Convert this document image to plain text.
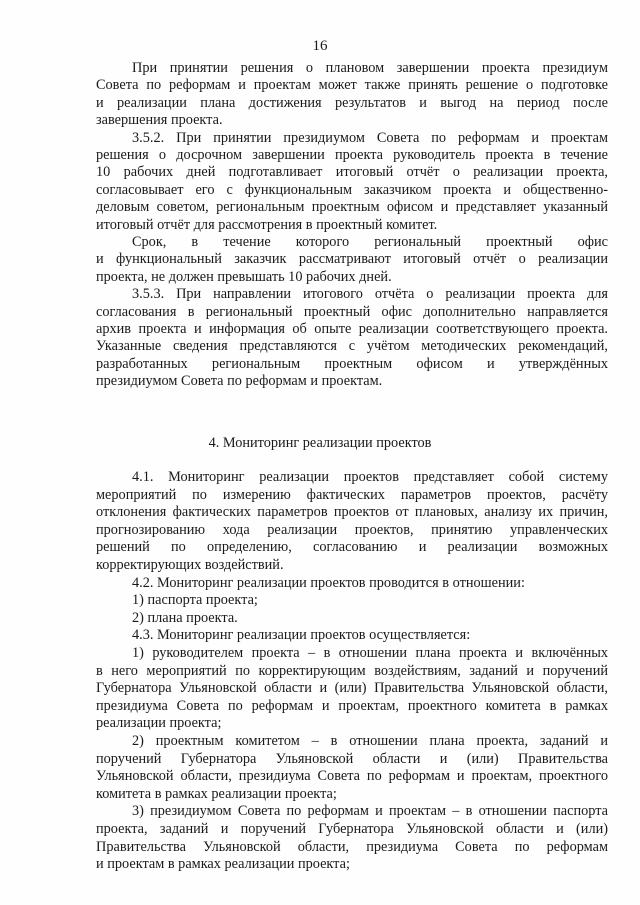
16
При принятии решения о плановом завершении проекта президиум
Совета по реформам и проектам может также принять решение о подготовке
и реализации плана достижения результатов и выгод на период после
завершения проекта.
3.5.2. При принятии президиумом Совета по реформам и проектам
решения о досрочном завершении проекта руководитель проекта в течение
10 рабочих дней подготавливает итоговый отчёт о реализации проекта,
согласовывает его с функциональным заказчиком проекта и общественно-
деловым советом, региональным проектным офисом и представляет указанный
итоговый отчёт для рассмотрения в проектный комитет.
Срок, в течение которого региональный проектный офис
и функциональный заказчик рассматривают итоговый отчёт о реализации
проекта, не должен превышать 10 рабочих дней.
3.5.3. При направлении итогового отчёта о реализации проекта для
согласования в региональный проектный офис дополнительно направляется
архив проекта и информация об опыте реализации соответствующего проекта.
Указанные сведения представляются с учётом методических рекомендаций,
разработанных региональным проектным офисом и утверждённых
президиумом Совета по реформам и проектам.
4. Мониторинг реализации проектов
4.1. Мониторинг реализации проектов представляет собой систему
мероприятий по измерению фактических параметров проектов, расчёту
отклонения фактических параметров проектов от плановых, анализу их причин,
прогнозированию хода реализации проектов, принятию управленческих
решений по определению, согласованию и реализации возможных
корректирующих воздействий.
4.2. Мониторинг реализации проектов проводится в отношении:
1) паспорта проекта;
2) плана проекта.
4.3. Мониторинг реализации проектов осуществляется:
1) руководителем проекта – в отношении плана проекта и включённых
в него мероприятий по корректирующим воздействиям, заданий и поручений
Губернатора Ульяновской области и (или) Правительства Ульяновской области,
президиума Совета по реформам и проектам, проектного комитета в рамках
реализации проекта;
2) проектным комитетом – в отношении плана проекта, заданий и
поручений Губернатора Ульяновской области и (или) Правительства
Ульяновской области, президиума Совета по реформам и проектам, проектного
комитета в рамках реализации проекта;
3) президиумом Совета по реформам и проектам – в отношении паспорта
проекта, заданий и поручений Губернатора Ульяновской области и (или)
Правительства Ульяновской области, президиума Совета по реформам
и проектам в рамках реализации проекта;
